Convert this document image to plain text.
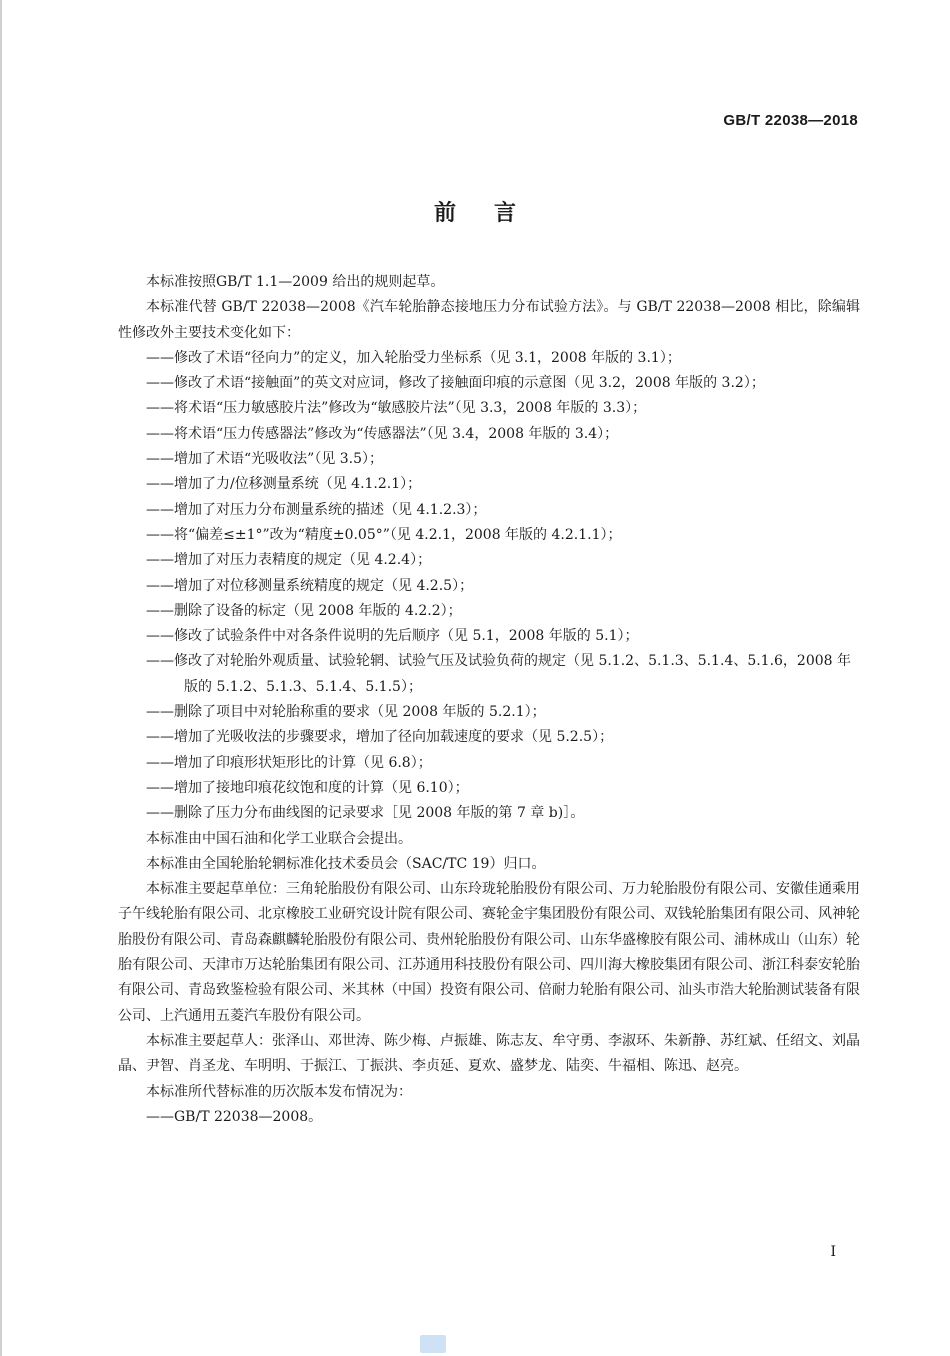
GB/T 22038—2018
前言

本标准按照GB/T 1.1—2009 给出的规则起草。

本标准代替 GB/T 22038—2008《汽车轮胎静态接地压力分布试验方法》。与 GB/T 22038—2008 相比，除编辑性修改外主要技术变化如下：

——修改了术语“径向力”的定义，加入轮胎受力坐标系（见 3.1，2008 年版的 3.1）；

——修改了术语“接触面”的英文对应词，修改了接触面印痕的示意图（见 3.2，2008 年版的 3.2）；

——将术语“压力敏感胶片法”修改为“敏感胶片法”（见 3.3，2008 年版的 3.3）；

——将术语“压力传感器法”修改为“传感器法”（见 3.4，2008 年版的 3.4）；

——增加了术语“光吸收法”（见 3.5）；

——增加了力/位移测量系统（见 4.1.2.1）；

——增加了对压力分布测量系统的描述（见 4.1.2.3）；

——将“偏差≤±1°”改为“精度±0.05°”（见 4.2.1，2008 年版的 4.2.1.1）；

——增加了对压力表精度的规定（见 4.2.4）；

——增加了对位移测量系统精度的规定（见 4.2.5）；

——删除了设备的标定（见 2008 年版的 4.2.2）；

——修改了试验条件中对各条件说明的先后顺序（见 5.1，2008 年版的 5.1）；

——修改了对轮胎外观质量、试验轮辋、试验气压及试验负荷的规定（见 5.1.2、5.1.3、5.1.4、5.1.6，2008 年版的 5.1.2、5.1.3、5.1.4、5.1.5）；

——删除了项目中对轮胎称重的要求（见 2008 年版的 5.2.1）；

——增加了光吸收法的步骤要求，增加了径向加载速度的要求（见 5.2.5）；

——增加了印痕形状矩形比的计算（见 6.8）；

——增加了接地印痕花纹饱和度的计算（见 6.10）；

——删除了压力分布曲线图的记录要求［见 2008 年版的第 7 章 b)］。

本标准由中国石油和化学工业联合会提出。

本标准由全国轮胎轮辋标准化技术委员会（SAC/TC 19）归口。

本标准主要起草单位：三角轮胎股份有限公司、山东玲珑轮胎股份有限公司、万力轮胎股份有限公司、安徽佳通乘用子午线轮胎有限公司、北京橡胶工业研究设计院有限公司、赛轮金宇集团股份有限公司、双钱轮胎集团有限公司、风神轮胎股份有限公司、青岛森麒麟轮胎股份有限公司、贵州轮胎股份有限公司、山东华盛橡胶有限公司、浦林成山（山东）轮胎有限公司、天津市万达轮胎集团有限公司、江苏通用科技股份有限公司、四川海大橡胶集团有限公司、浙江科泰安轮胎有限公司、青岛致鉴检验有限公司、米其林（中国）投资有限公司、倍耐力轮胎有限公司、汕头市浩大轮胎测试装备有限公司、上汽通用五菱汽车股份有限公司。

本标准主要起草人：张泽山、邓世涛、陈少梅、卢振雄、陈志友、牟守勇、李淑环、朱新静、苏红斌、任绍文、刘晶晶、尹智、肖圣龙、车明明、于振江、丁振洪、李贞延、夏欢、盛梦龙、陆奕、牛福相、陈迅、赵亮。

本标准所代替标准的历次版本发布情况为：

——GB/T 22038—2008。

I
